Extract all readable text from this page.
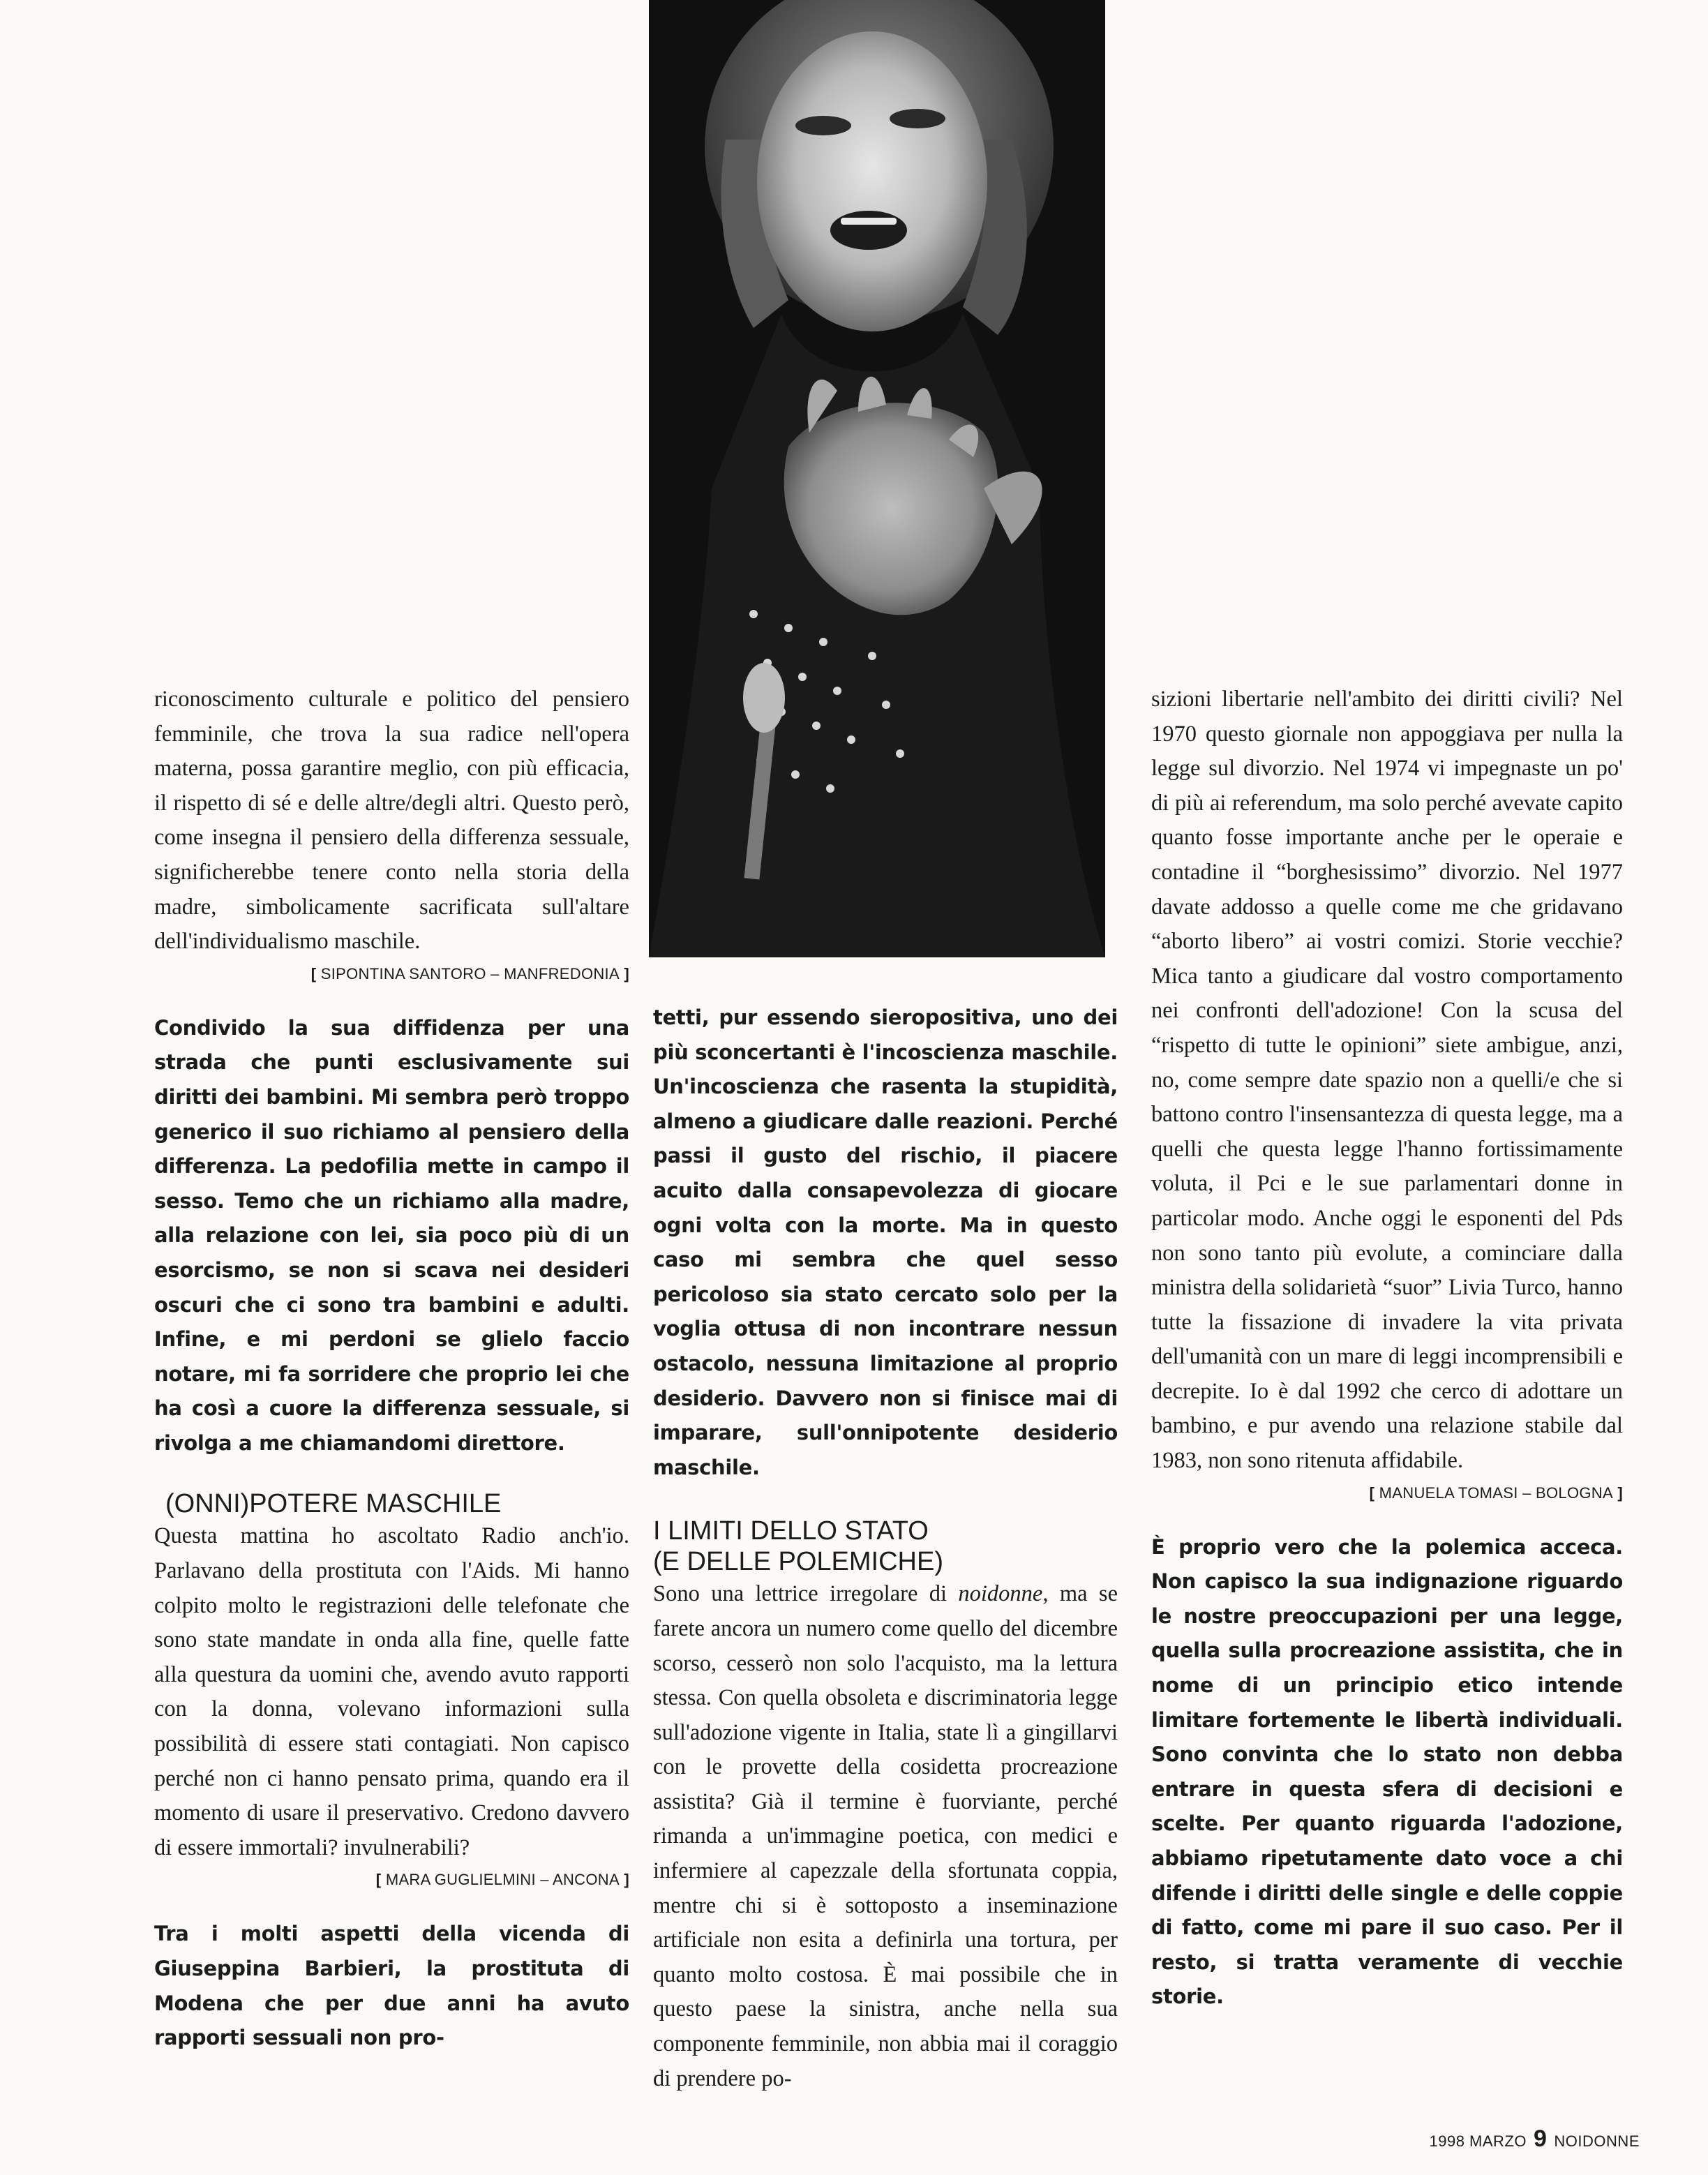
riconoscimento culturale e politico del pensiero femminile, che trova la sua radice nell'opera materna, possa garantire meglio, con più efficacia, il rispetto di sé e delle altre/degli altri. Questo però, come insegna il pensiero della differenza sessuale, significherebbe tenere conto nella storia della madre, simbolicamente sacrificata sull'altare dell'individualismo maschile.

[ SIPONTINA SANTORO – MANFREDONIA ]

Condivido la sua diffidenza per una strada che punti esclusivamente sui diritti dei bambini. Mi sembra però troppo generico il suo richiamo al pensiero della differenza. La pedofilia mette in campo il sesso. Temo che un richiamo alla madre, alla relazione con lei, sia poco più di un esorcismo, se non si scava nei desideri oscuri che ci sono tra bambini e adulti. Infine, e mi perdoni se glielo faccio notare, mi fa sorridere che proprio lei che ha così a cuore la differenza sessuale, si rivolga a me chiamandomi direttore.

(ONNI)POTERE MASCHILE

Questa mattina ho ascoltato Radio anch'io. Parlavano della prostituta con l'Aids. Mi hanno colpito molto le registrazioni delle telefonate che sono state mandate in onda alla fine, quelle fatte alla questura da uomini che, avendo avuto rapporti con la donna, volevano informazioni sulla possibilità di essere stati contagiati. Non capisco perché non ci hanno pensato prima, quando era il momento di usare il preservativo. Credono davvero di essere immortali? invulnerabili?

[ MARA GUGLIELMINI – ANCONA ]

Tra i molti aspetti della vicenda di Giuseppina Barbieri, la prostituta di Modena che per due anni ha avuto rapporti sessuali non pro-

tetti, pur essendo sieropositiva, uno dei più sconcertanti è l'incoscienza maschile. Un'incoscienza che rasenta la stupidità, almeno a giudicare dalle reazioni. Perché passi il gusto del rischio, il piacere acuito dalla consapevolezza di giocare ogni volta con la morte. Ma in questo caso mi sembra che quel sesso pericoloso sia stato cercato solo per la voglia ottusa di non incontrare nessun ostacolo, nessuna limitazione al proprio desiderio. Davvero non si finisce mai di imparare, sull'onnipotente desiderio maschile.

I LIMITI DELLO STATO
(E DELLE POLEMICHE)

Sono una lettrice irregolare di noidonne, ma se farete ancora un numero come quello del dicembre scorso, cesserò non solo l'acquisto, ma la lettura stessa. Con quella obsoleta e discriminatoria legge sull'adozione vigente in Italia, state lì a gingillarvi con le provette della cosidetta procreazione assistita? Già il termine è fuorviante, perché rimanda a un'immagine poetica, con medici e infermiere al capezzale della sfortunata coppia, mentre chi si è sottoposto a inseminazione artificiale non esita a definirla una tortura, per quanto molto costosa. È mai possibile che in questo paese la sinistra, anche nella sua componente femminile, non abbia mai il coraggio di prendere po-

sizioni libertarie nell'ambito dei diritti civili? Nel 1970 questo giornale non appoggiava per nulla la legge sul divorzio. Nel 1974 vi impegnaste un po' di più ai referendum, ma solo perché avevate capito quanto fosse importante anche per le operaie e contadine il “borghesissimo” divorzio. Nel 1977 davate addosso a quelle come me che gridavano “aborto libero” ai vostri comizi. Storie vecchie? Mica tanto a giudicare dal vostro comportamento nei confronti dell'adozione! Con la scusa del “rispetto di tutte le opinioni” siete ambigue, anzi, no, come sempre date spazio non a quelli/e che si battono contro l'insensantezza di questa legge, ma a quelli che questa legge l'hanno fortissimamente voluta, il Pci e le sue parlamentari donne in particolar modo. Anche oggi le esponenti del Pds non sono tanto più evolute, a cominciare dalla ministra della solidarietà “suor” Livia Turco, hanno tutte la fissazione di invadere la vita privata dell'umanità con un mare di leggi incomprensibili e decrepite. Io è dal 1992 che cerco di adottare un bambino, e pur avendo una relazione stabile dal 1983, non sono ritenuta affidabile.

[ MANUELA TOMASI – BOLOGNA ]

È proprio vero che la polemica acceca. Non capisco la sua indignazione riguardo le nostre preoccupazioni per una legge, quella sulla procreazione assistita, che in nome di un principio etico intende limitare fortemente le libertà individuali. Sono convinta che lo stato non debba entrare in questa sfera di decisioni e scelte. Per quanto riguarda l'adozione, abbiamo ripetutamente dato voce a chi difende i diritti delle single e delle coppie di fatto, come mi pare il suo caso. Per il resto, si tratta veramente di vecchie storie.

1998 MARZO 9 NOIDONNE
